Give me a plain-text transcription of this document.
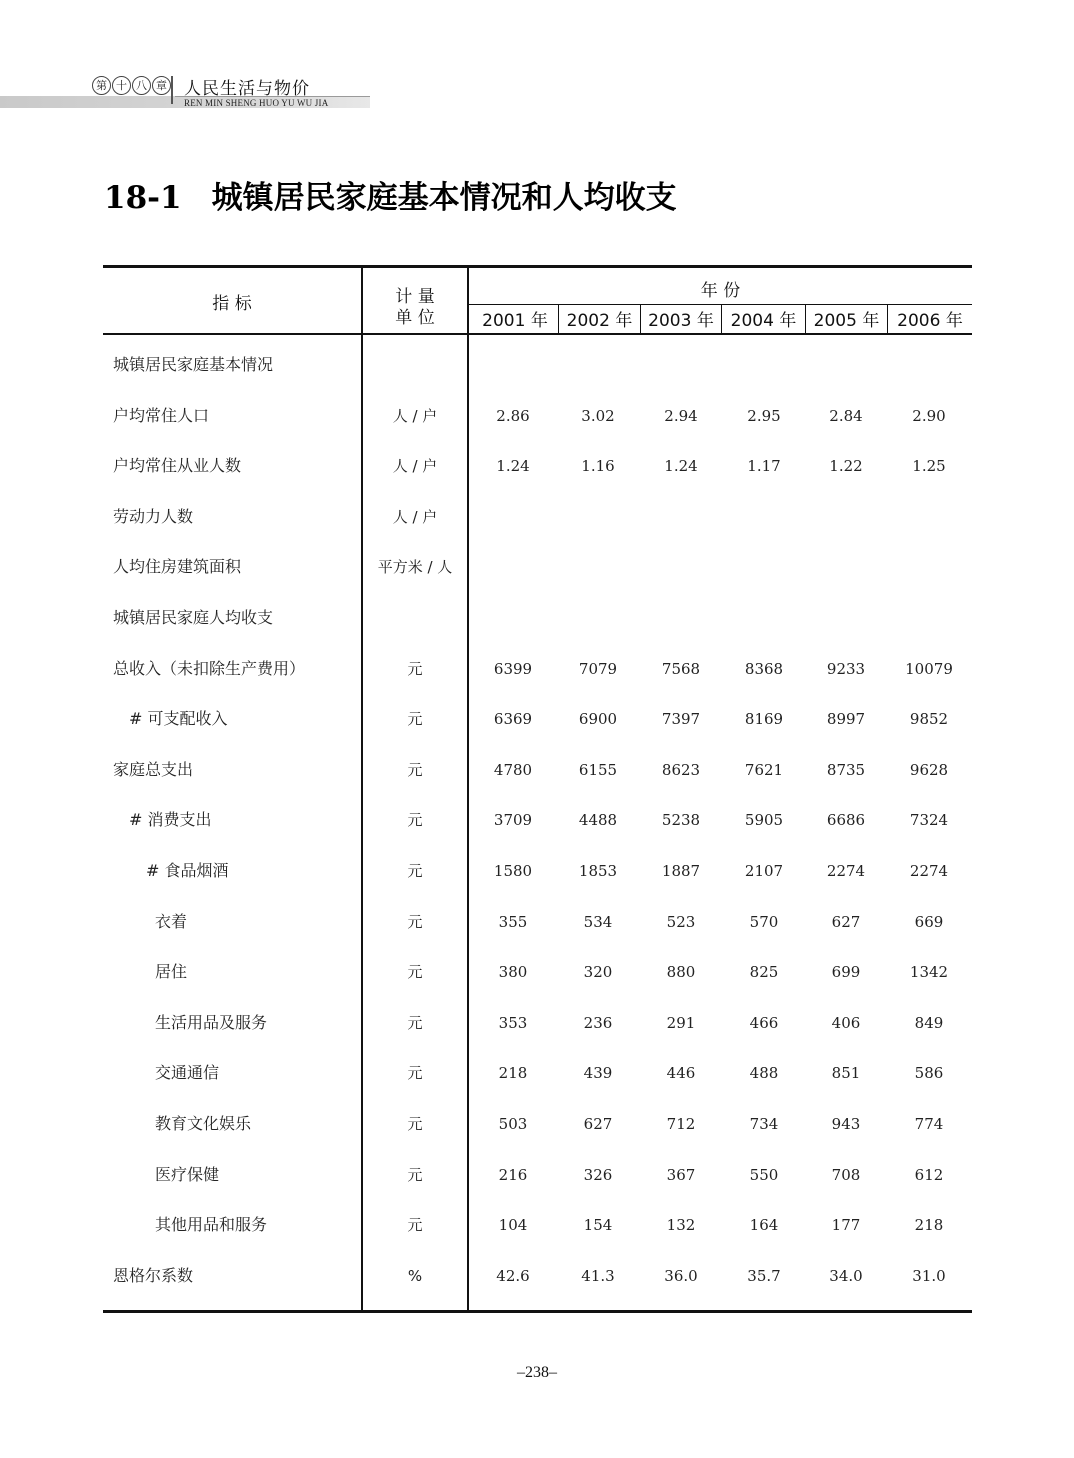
第 十 八 章 人民生活与物价
REN MIN SHENG HUO YU WU JIA
18-1 城镇居民家庭基本情况和人均收支
指 标	计 量
单 位
年 份
2001 年	2002 年 2003 年 2004 年	2005 年	2006 年
城镇居民家庭基本情况
户均常住人口	人 / 户	2.86	3.02	2.94	2.95	2.84	2.90
户均常住从业人数	人 / 户	1.24	1.16	1.24	1.17	1.22	1.25
劳动力人数	人 / 户
人均住房建筑面积	平方米 / 人
城镇居民家庭人均收支
总收入（未扣除生产费用）	元	6399	7079	7568	8368	9233	10079
# 可支配收入	元	6369	6900	7397	8169	8997	9852
家庭总支出	元	4780	6155	8623	7621	8735	9628
# 消费支出	元	3709	4488	5238	5905	6686	7324
# 食品烟酒	元	1580	1853	1887	2107	2274	2274
衣着	元	355	534	523	570	627	669
居住	元	380	320	880	825	699	1342
生活用品及服务	元	353	236	291	466	406	849
交通通信	元	218	439	446	488	851	586
教育文化娱乐	元	503	627	712	734	943	774
医疗保健	元	216	326	367	550	708	612
其他用品和服务	元	104	154	132	164	177	218
恩格尔系数	%	42.6	41.3	36.0	35.7	34.0	31.0
–238–
